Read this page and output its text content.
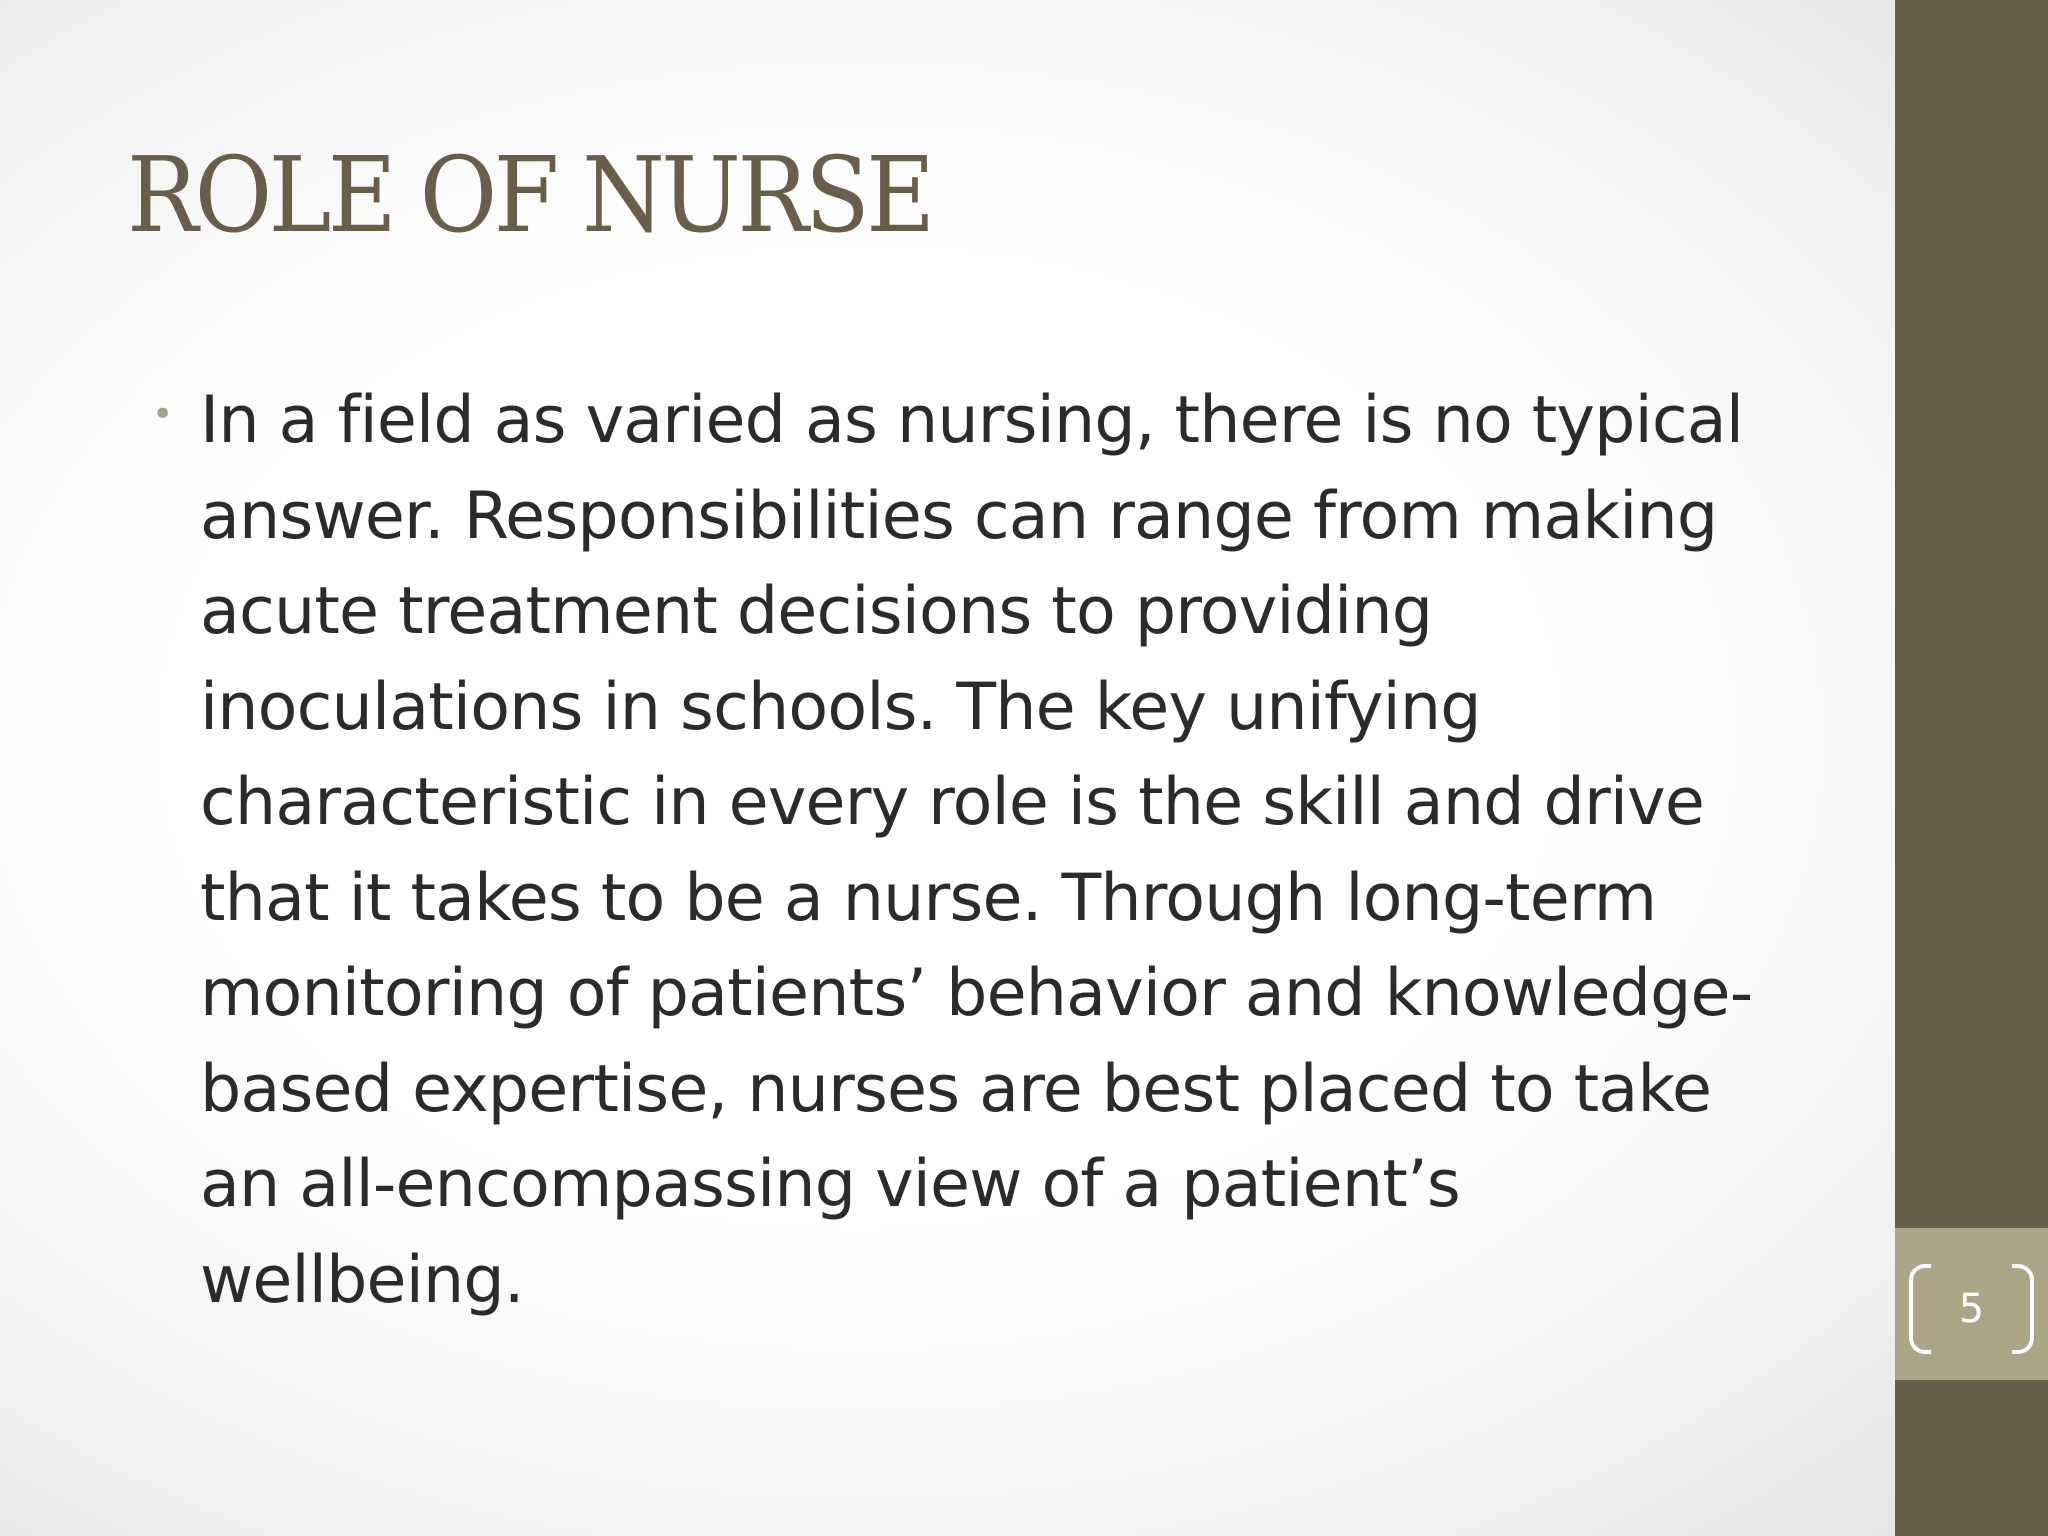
5
ROLE OF NURSE
• In a field as varied as nursing, there is no typical
answer. Responsibilities can range from making
acute treatment decisions to providing
inoculations in schools. The key unifying
characteristic in every role is the skill and drive
that it takes to be a nurse. Through long-term
monitoring of patients’ behavior and knowledge-
based expertise, nurses are best placed to take
an all-encompassing view of a patient’s
wellbeing.
